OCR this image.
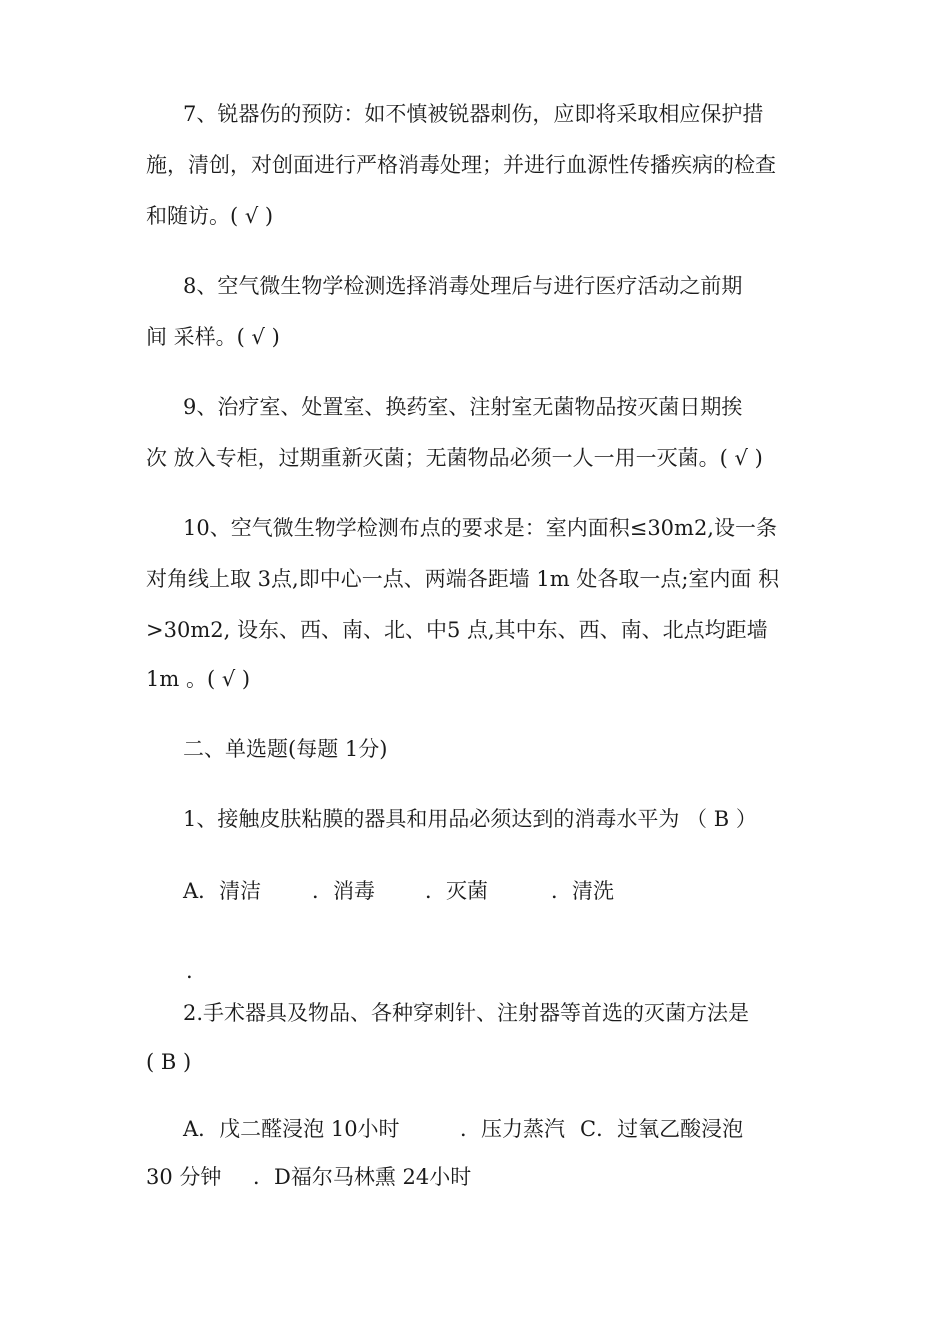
7、锐器伤的预防：如不慎被锐器刺伤，应即将采取相应保护措
施，清创，对创面进行严格消毒处理；并进行血源性传播疾病的检查
和随访。( √ )
8、空气微生物学检测选择消毒处理后与进行医疗活动之前期
间 采样。( √ )
9、治疗室、处置室、换药室、注射室无菌物品按灭菌日期挨
次 放入专柜，过期重新灭菌；无菌物品必须一人一用一灭菌。( √ )
10、空气微生物学检测布点的要求是：室内面积≤30m2,设一条
对角线上取 3点,即中心一点、两端各距墙 1m 处各取一点;室内面 积
>30m2, 设东、西、南、北、中5 点,其中东、西、南、北点均距墙
1m 。( √ )
二、单选题(每题 1分)
1、接触皮肤粘膜的器具和用品必须达到的消毒水平为 （ B ）
A．清洁 ．消毒 ．灭菌	．清洗
.
2.手术器具及物品、各种穿刺针、注射器等首选的灭菌方法是
( B )
A．戊二醛浸泡 10小时	．压力蒸汽 C．过氧乙酸浸泡
30 分钟 ．D福尔马林熏 24小时
